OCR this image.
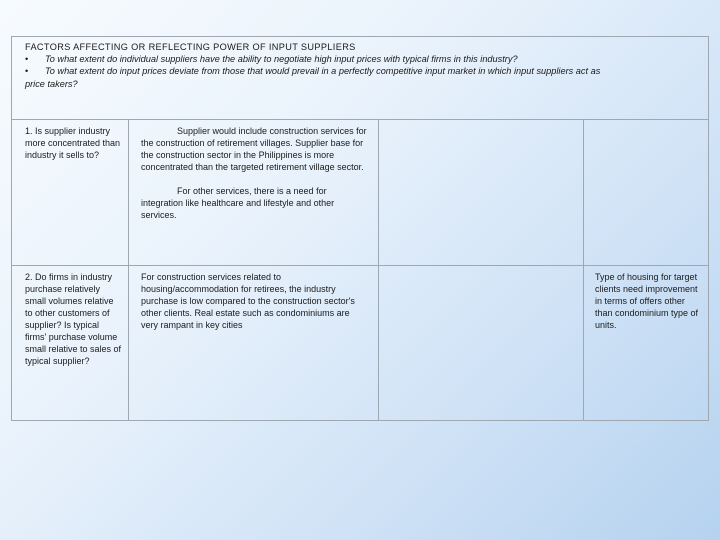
FACTORS AFFECTING OR REFLECTING POWER OF INPUT SUPPLIERS
•	To what extent do individual suppliers have the ability to negotiate high input prices with typical firms in this industry?
•	To what extent do input prices deviate from those that would prevail in a perfectly competitive input market in which input suppliers act as
price takers?
1. Is supplier industry more concentrated than industry it sells to?

Supplier would include construction services for the construction of retirement villages. Supplier base for the construction sector in the Philippines is more concentrated than the targeted retirement village sector.

For other services, there is a need for integration like healthcare and lifestyle and other services.

2. Do firms in industry purchase relatively small volumes relative to other customers of supplier? Is typical firms' purchase volume small relative to sales of typical supplier?

For construction services related to housing/accommodation for retirees, the industry purchase is low compared to the construction sector's other clients. Real estate such as condominiums are very rampant in key cities

Type of housing for target clients need improvement in terms of offers other than condominium type of units.
